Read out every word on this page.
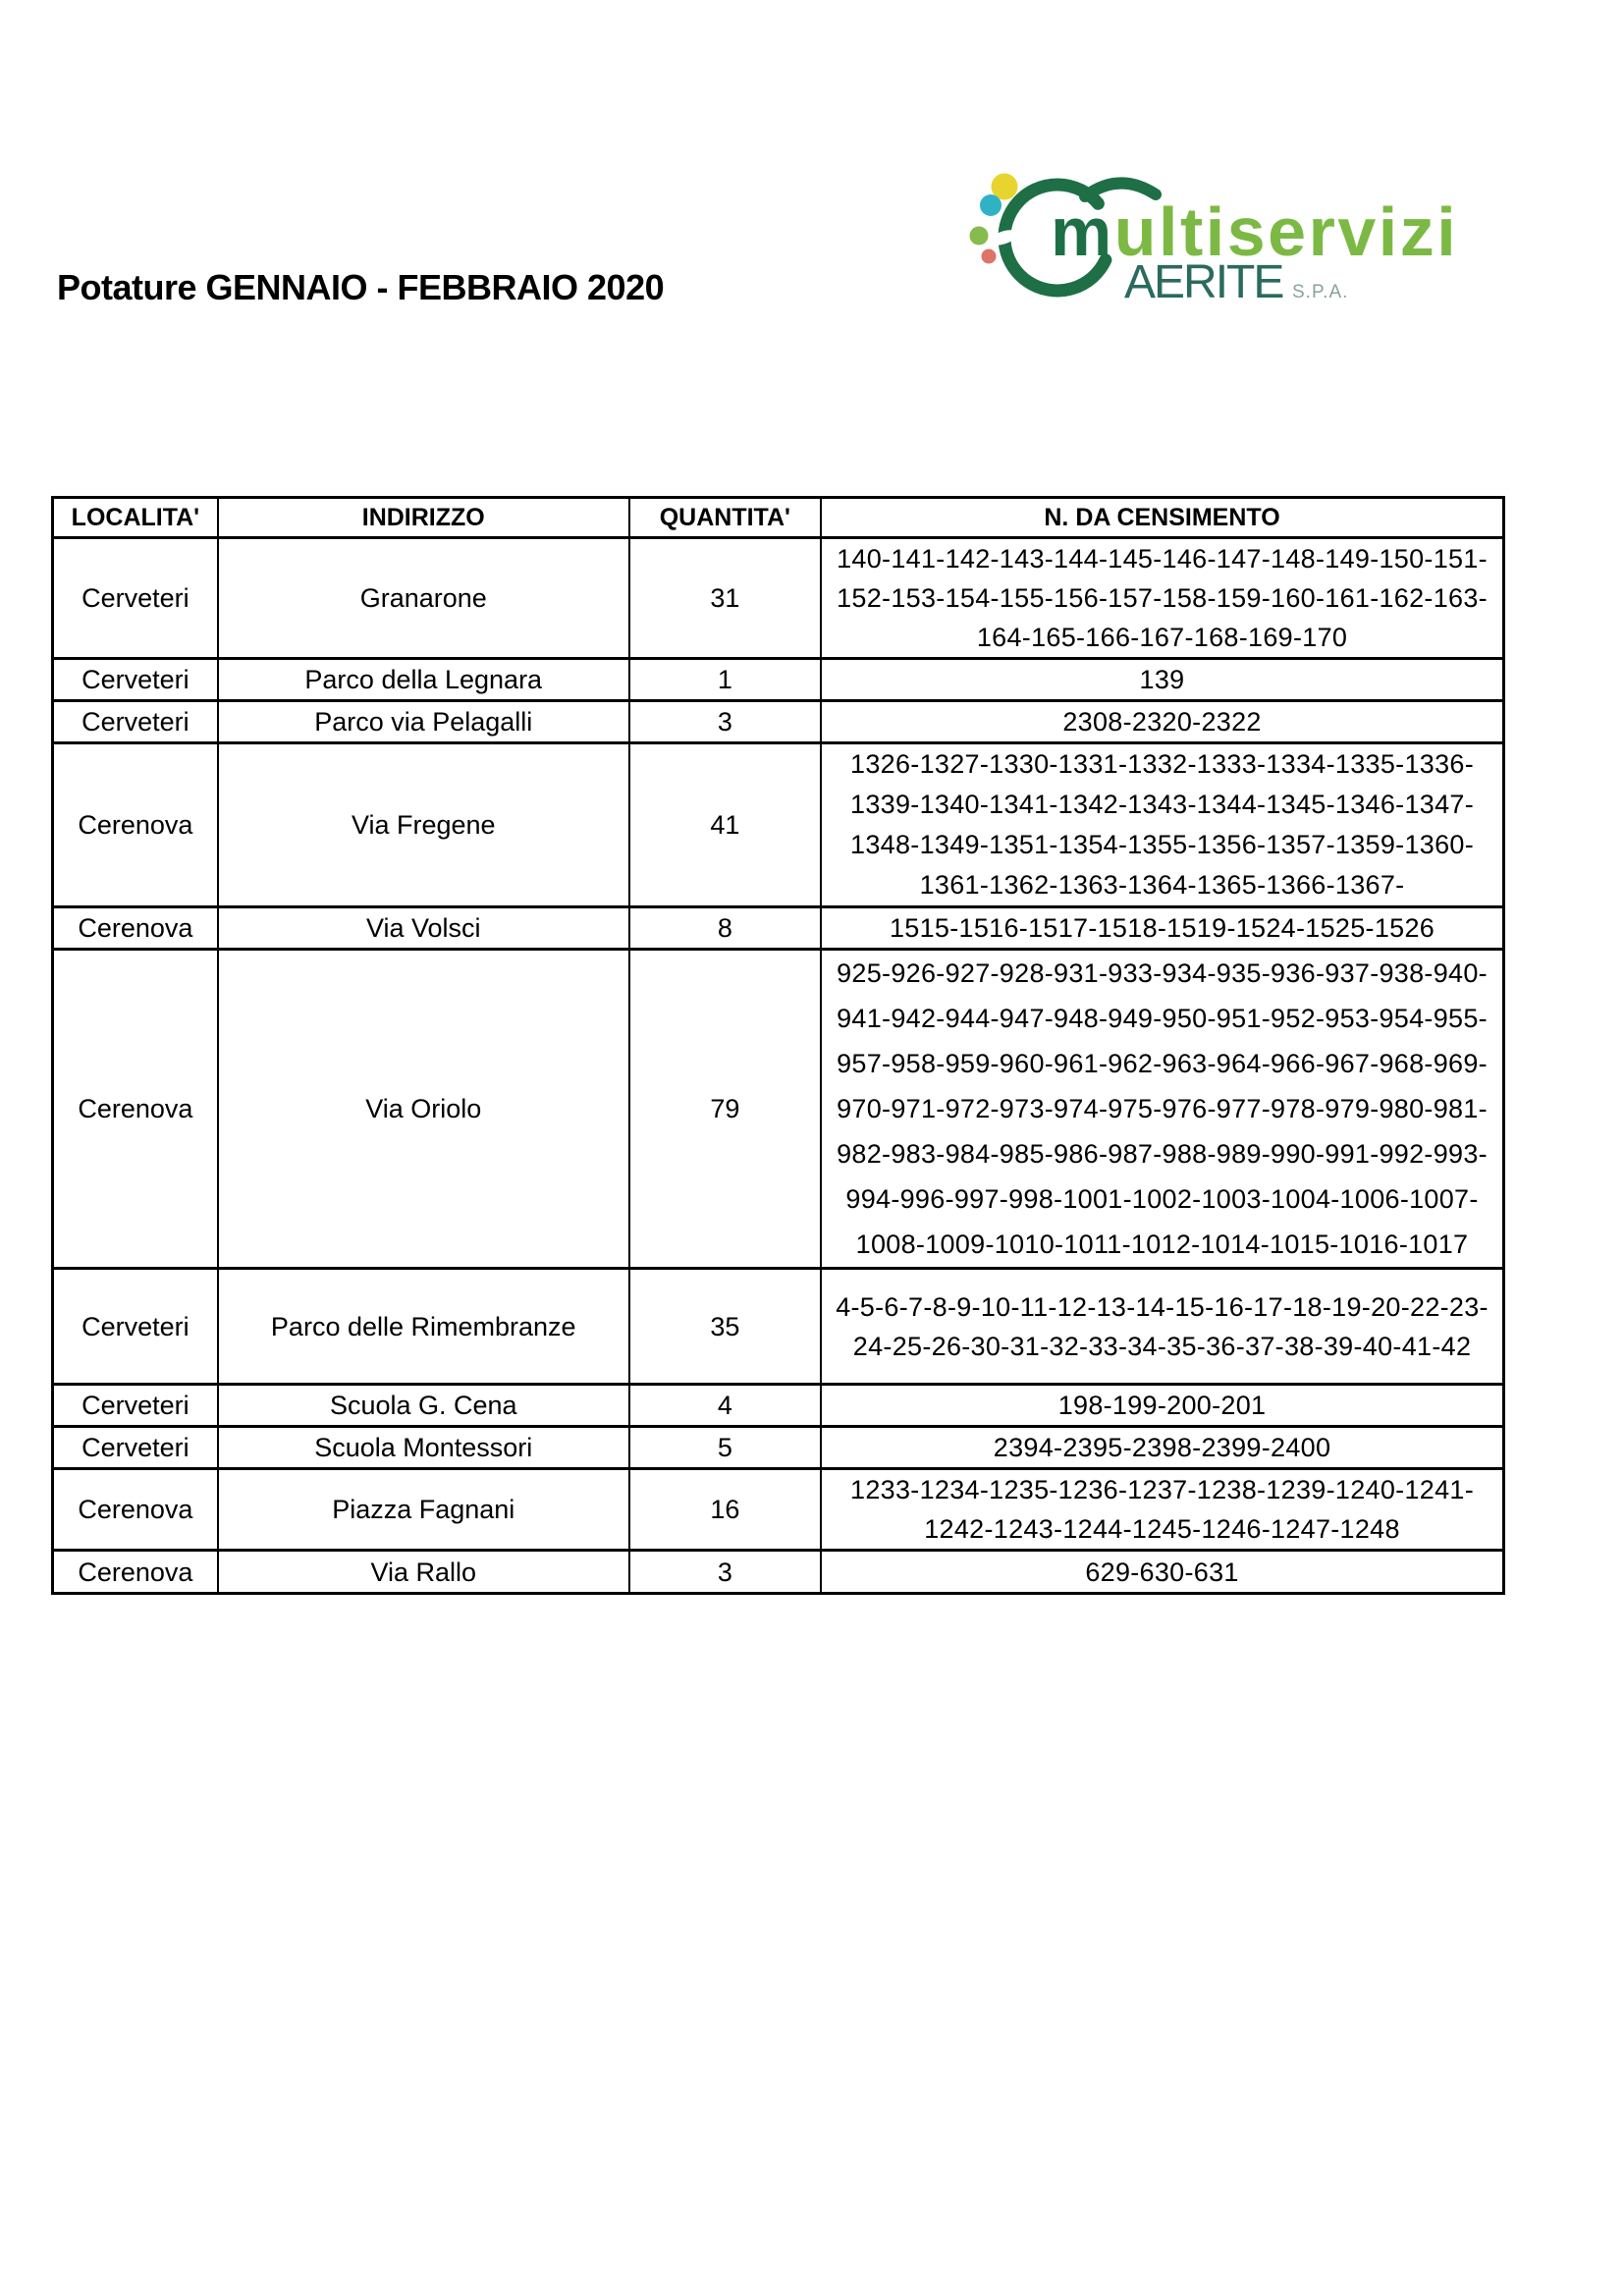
Potature GENNAIO - FEBBRAIO 2020
multiservizi
AERITE S.P.A.
LOCALITA'	INDIRIZZO	QUANTITA'	N. DA CENSIMENTO
Cerveteri	Granarone	31	140-141-142-143-144-145-146-147-148-149-150-151-152-153-154-155-156-157-158-159-160-161-162-163-164-165-166-167-168-169-170
Cerveteri	Parco della Legnara	1	139
Cerveteri	Parco via Pelagalli	3	2308-2320-2322
Cerenova	Via Fregene	41	1326-1327-1330-1331-1332-1333-1334-1335-1336-1339-1340-1341-1342-1343-1344-1345-1346-1347-1348-1349-1351-1354-1355-1356-1357-1359-1360-1361-1362-1363-1364-1365-1366-1367-
Cerenova	Via Volsci	8	1515-1516-1517-1518-1519-1524-1525-1526
Cerenova	Via Oriolo	79	925-926-927-928-931-933-934-935-936-937-938-940-941-942-944-947-948-949-950-951-952-953-954-955-957-958-959-960-961-962-963-964-966-967-968-969-970-971-972-973-974-975-976-977-978-979-980-981-982-983-984-985-986-987-988-989-990-991-992-993-994-996-997-998-1001-1002-1003-1004-1006-1007-1008-1009-1010-1011-1012-1014-1015-1016-1017
Cerveteri	Parco delle Rimembranze	35	4-5-6-7-8-9-10-11-12-13-14-15-16-17-18-19-20-22-23-24-25-26-30-31-32-33-34-35-36-37-38-39-40-41-42
Cerveteri	Scuola G. Cena	4	198-199-200-201
Cerveteri	Scuola Montessori	5	2394-2395-2398-2399-2400
Cerenova	Piazza Fagnani	16	1233-1234-1235-1236-1237-1238-1239-1240-1241-1242-1243-1244-1245-1246-1247-1248
Cerenova	Via Rallo	3	629-630-631
